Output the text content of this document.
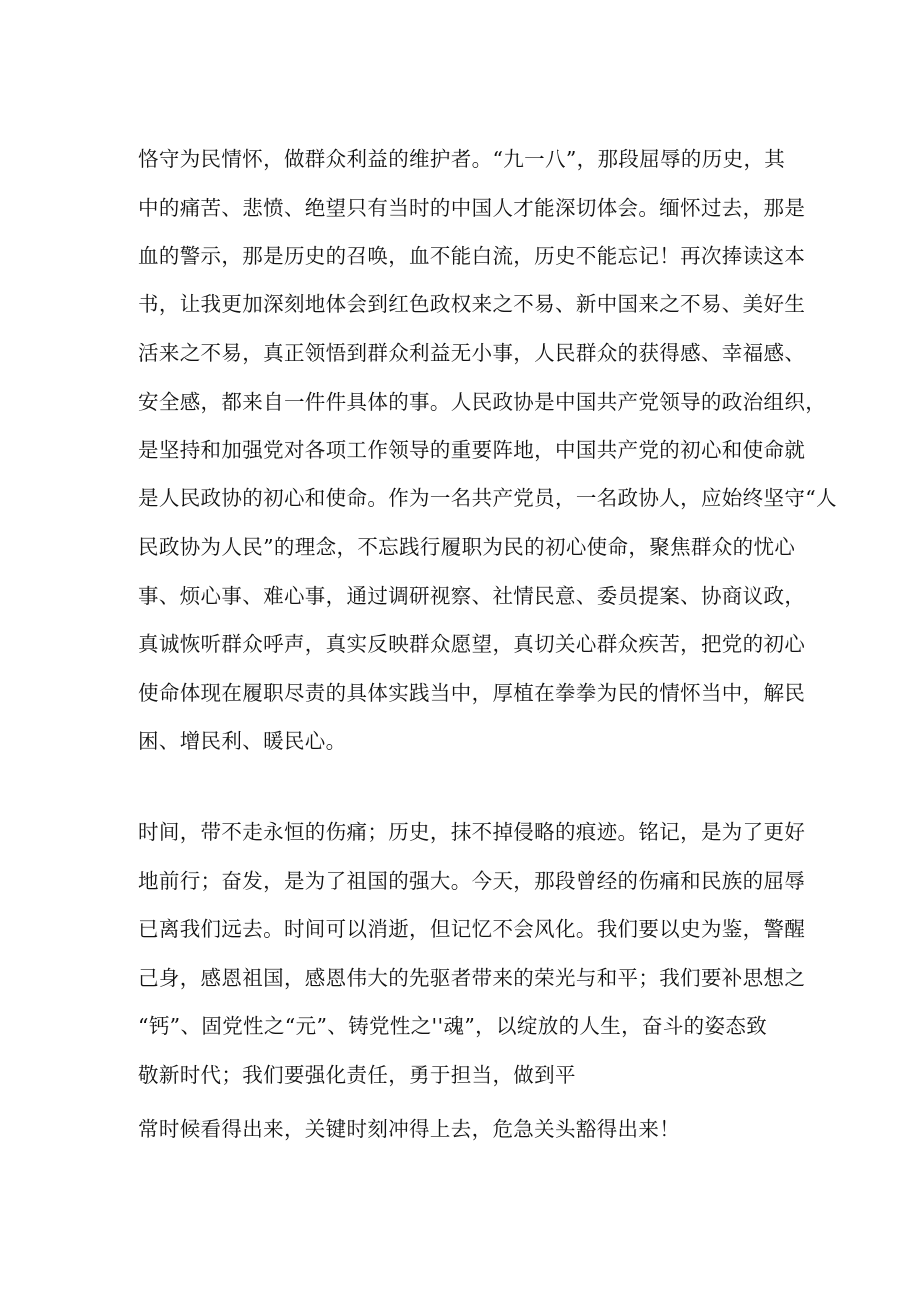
恪守为民情怀，做群众利益的维护者。“九一八”，那段屈辱的历史，其
中的痛苦、悲愤、绝望只有当时的中国人才能深切体会。缅怀过去，那是
血的警示，那是历史的召唤，血不能白流，历史不能忘记！再次捧读这本
书，让我更加深刻地体会到红色政权来之不易、新中国来之不易、美好生
活来之不易，真正领悟到群众利益无小事，人民群众的获得感、幸福感、
安全感，都来自一件件具体的事。人民政协是中国共产党领导的政治组织，
是坚持和加强党对各项工作领导的重要阵地，中国共产党的初心和使命就
是人民政协的初心和使命。作为一名共产党员，一名政协人，应始终坚守“人
民政协为人民”的理念，不忘践行履职为民的初心使命，聚焦群众的忧心
事、烦心事、难心事，通过调研视察、社情民意、委员提案、协商议政，
真诚恢听群众呼声，真实反映群众愿望，真切关心群众疾苦，把党的初心
使命体现在履职尽责的具体实践当中，厚植在拳拳为民的情怀当中，解民
困、增民利、暖民心。
时间，带不走永恒的伤痛；历史，抹不掉侵略的痕迹。铭记，是为了更好
地前行；奋发，是为了祖国的强大。今天，那段曾经的伤痛和民族的屈辱
已离我们远去。时间可以消逝，但记忆不会风化。我们要以史为鉴，警醒
己身，感恩祖国，感恩伟大的先驱者带来的荣光与和平；我们要补思想之
“钙”、固党性之“元”、铸党性之''魂”，以绽放的人生，奋斗的姿态致
敬新时代；我们要强化责任，勇于担当，做到平
常时候看得出来，关键时刻冲得上去，危急关头豁得出来！
